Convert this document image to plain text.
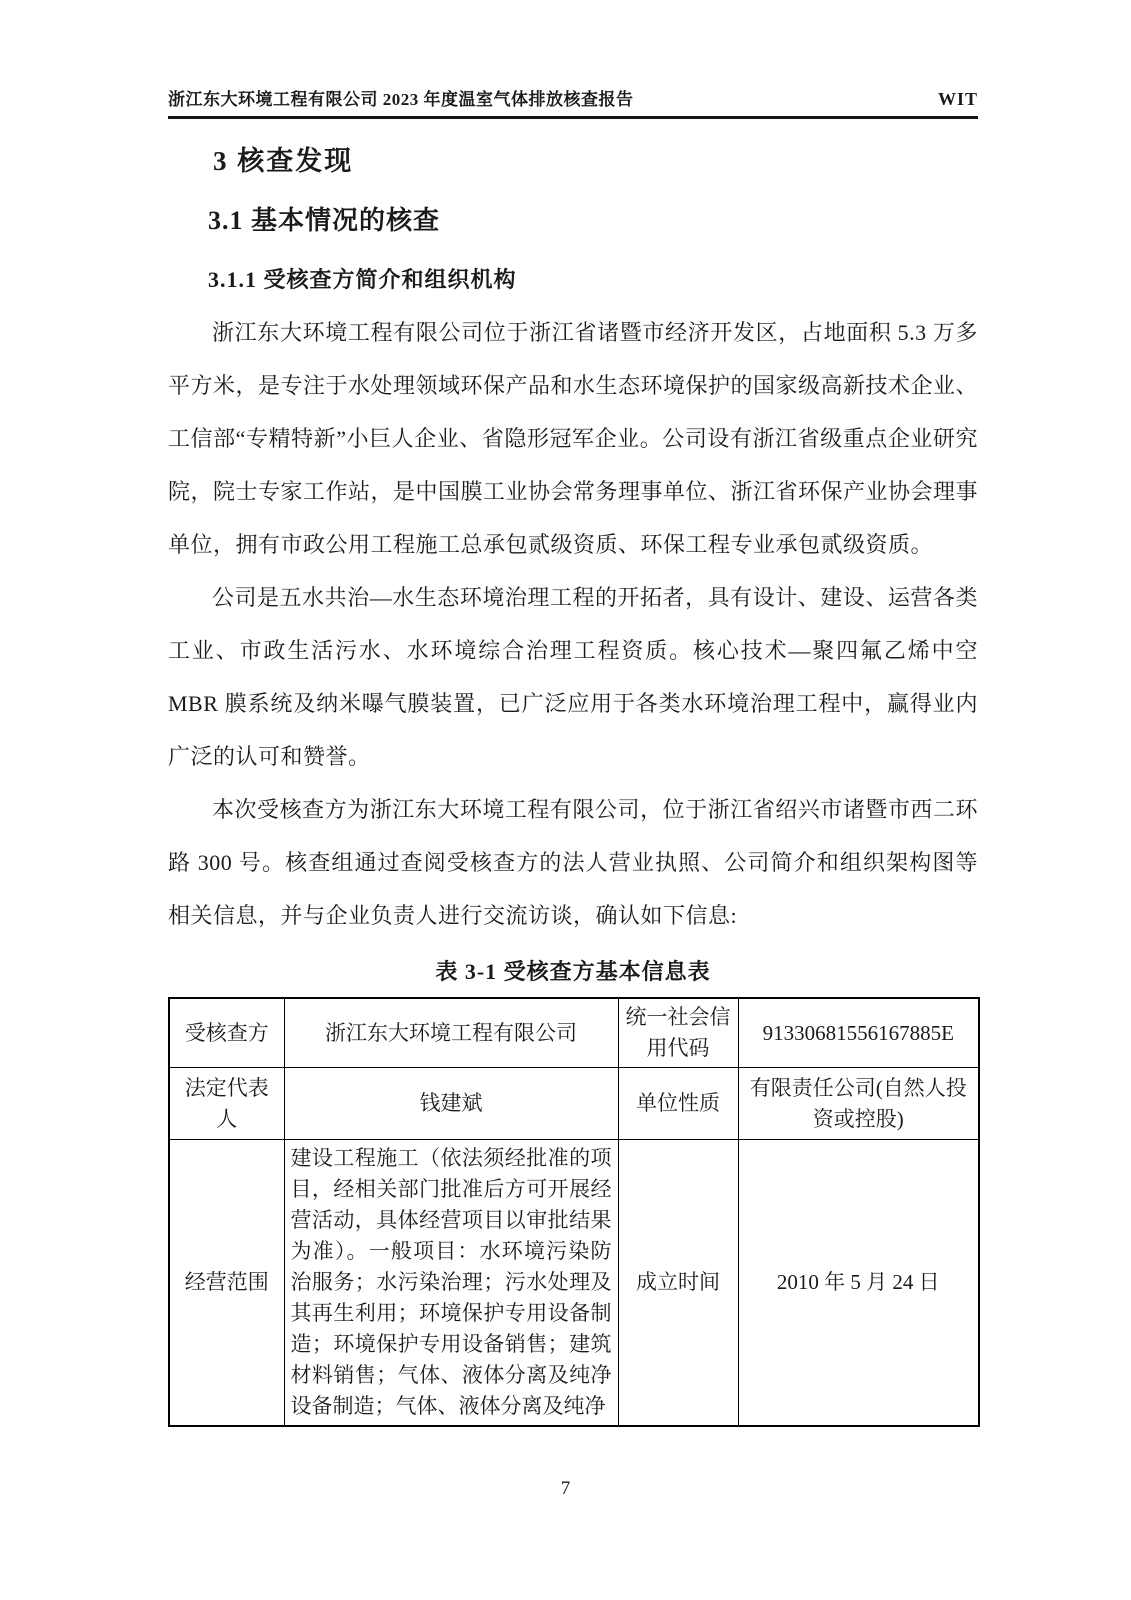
浙江东大环境工程有限公司 2023 年度温室气体排放核查报告	WIT
3 核查发现
3.1 基本情况的核查
3.1.1 受核查方简介和组织机构

浙江东大环境工程有限公司位于浙江省诸暨市经济开发区，占地面积 5.3 万多平方米，是专注于水处理领域环保产品和水生态环境保护的国家级高新技术企业、工信部“专精特新”小巨人企业、省隐形冠军企业。公司设有浙江省级重点企业研究院，院士专家工作站，是中国膜工业协会常务理事单位、浙江省环保产业协会理事单位，拥有市政公用工程施工总承包贰级资质、环保工程专业承包贰级资质。

公司是五水共治—水生态环境治理工程的开拓者，具有设计、建设、运营各类工业、市政生活污水、水环境综合治理工程资质。核心技术—聚四氟乙烯中空 MBR 膜系统及纳米曝气膜装置，已广泛应用于各类水环境治理工程中，赢得业内广泛的认可和赞誉。

本次受核查方为浙江东大环境工程有限公司，位于浙江省绍兴市诸暨市西二环路 300 号。核查组通过查阅受核查方的法人营业执照、公司简介和组织架构图等相关信息，并与企业负责人进行交流访谈，确认如下信息:

表 3-1 受核查方基本信息表
受核查方	浙江东大环境工程有限公司	统一社会信用代码	91330681556167885E
法定代表人	钱建斌	单位性质	有限责任公司(自然人投资或控股)
经营范围	建设工程施工（依法须经批准的项目，经相关部门批准后方可开展经营活动，具体经营项目以审批结果为准）。一般项目：水环境污染防治服务；水污染治理；污水处理及其再生利用；环境保护专用设备制造；环境保护专用设备销售；建筑材料销售；气体、液体分离及纯净设备制造；气体、液体分离及纯净	成立时间	2010 年 5 月 24 日
7
